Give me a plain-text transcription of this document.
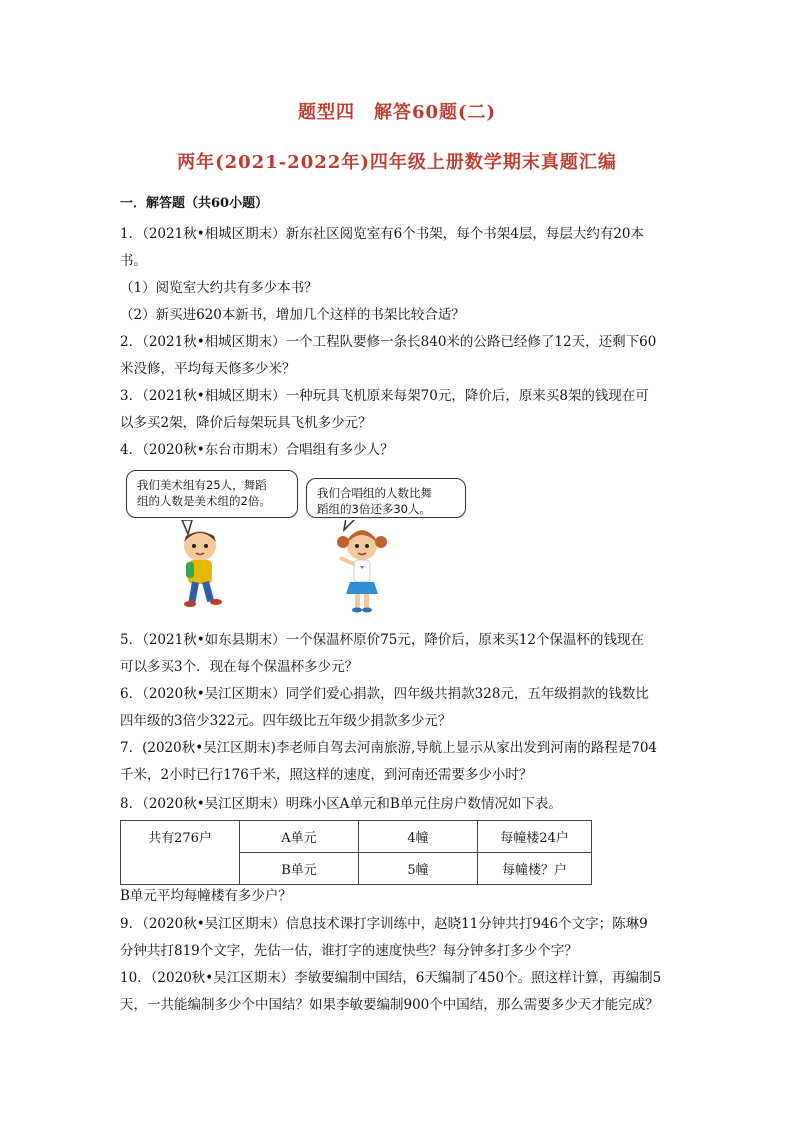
题型四　解答60题(二)
两年(2021-2022年)四年级上册数学期末真题汇编
一．解答题（共60小题）
1．（2021秋•相城区期末）新东社区阅览室有6个书架，每个书架4层，每层大约有20本
书。
（1）阅览室大约共有多少本书？
（2）新买进620本新书，增加几个这样的书架比较合适？
2．（2021秋•相城区期末）一个工程队要修一条长840米的公路已经修了12天，还剩下60
米没修，平均每天修多少米？
3．（2021秋•相城区期末）一种玩具飞机原来每架70元，降价后，原来买8架的钱现在可
以多买2架，降价后每架玩具飞机多少元？
4．（2020秋•东台市期末）合唱组有多少人？
我们美术组有25人，舞蹈
组的人数是美术组的2倍。
我们合唱组的人数比舞
蹈组的3倍还多30人。
5．（2021秋•如东县期末）一个保温杯原价75元，降价后，原来买12个保温杯的钱现在
可以多买3个．现在每个保温杯多少元？
6．（2020秋•吴江区期末）同学们爱心捐款，四年级共捐款328元，五年级捐款的钱数比
四年级的3倍少322元。四年级比五年级少捐款多少元？
7．(2020秋•吴江区期末)李老师自驾去河南旅游,导航上显示从家出发到河南的路程是704
千米，2小时已行176千米，照这样的速度，到河南还需要多少小时？
8．（2020秋•吴江区期末）明珠小区A单元和B单元住房户数情况如下表。
共有276户	A单元	4幢	每幢楼24户
	B单元	5幢	每幢楼？户
B单元平均每幢楼有多少户？
9．（2020秋•吴江区期末）信息技术课打字训练中，赵晓11分钟共打946个文字；陈琳9
分钟共打819个文字，先估一估，谁打字的速度快些？每分钟多打多少个字？
10．（2020秋•吴江区期末）李敏要编制中国结，6天编制了450个。照这样计算，再编制5
天，一共能编制多少个中国结？如果李敏要编制900个中国结，那么需要多少天才能完成？
